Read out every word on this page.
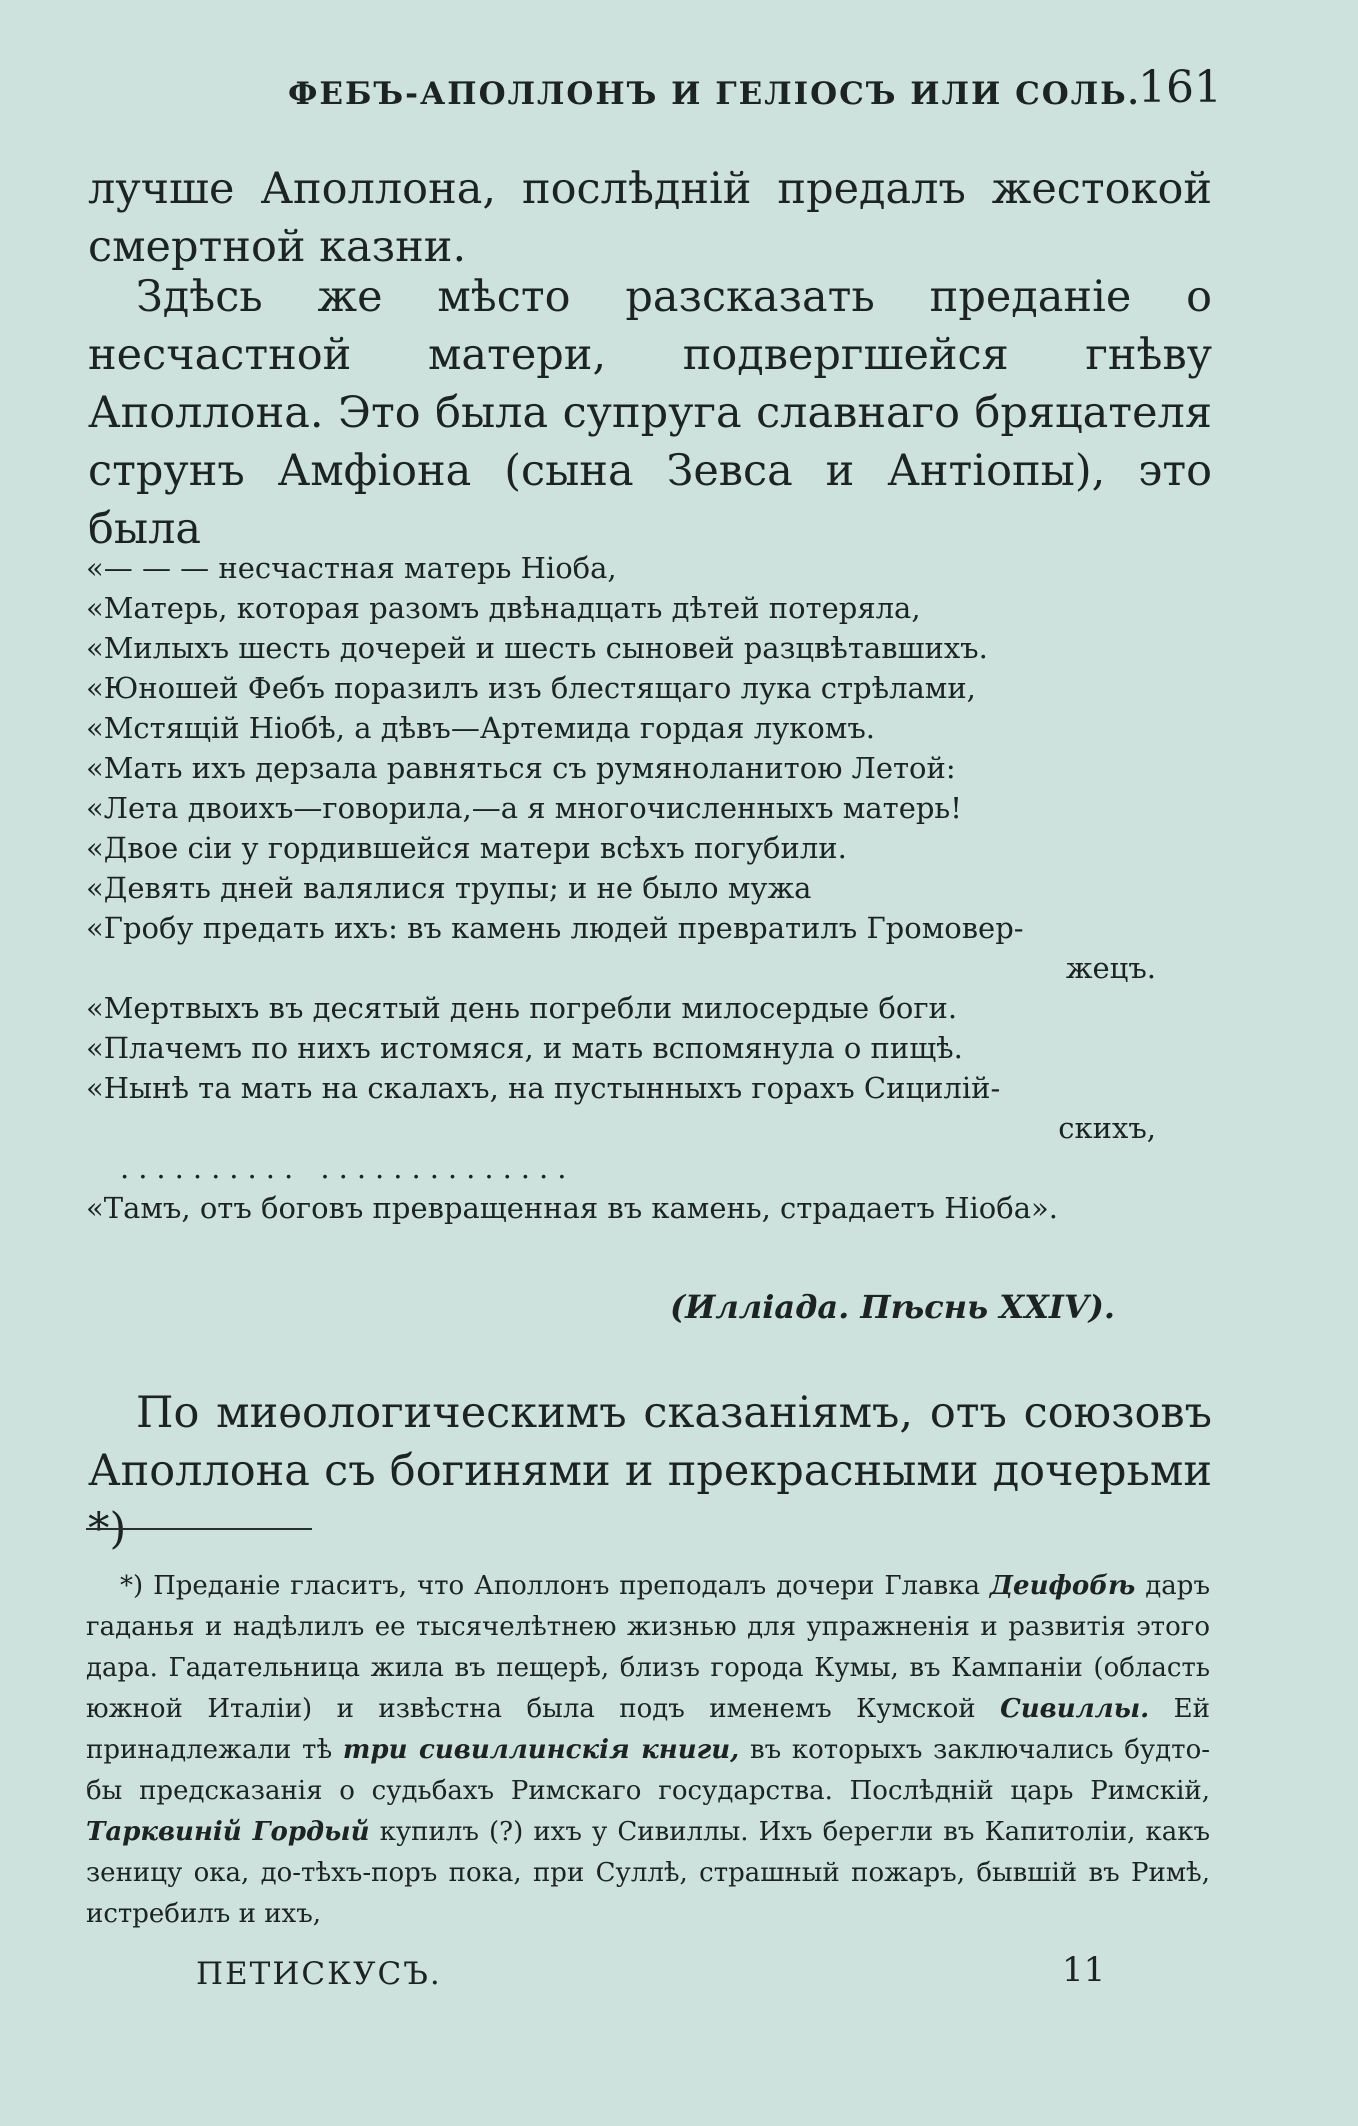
ФЕБЪ-АПОЛЛОНЪ И ГЕЛІОСЪ ИЛИ СОЛЬ.
161

лучше Аполлона, послѣдній предалъ жестокой смертной казни.

Здѣсь же мѣсто разсказать преданіе о несчастной матери, подвергшейся гнѣву Аполлона. Это была супруга славнаго бряцателя струнъ Амфіона (сына Зевса и Антіопы), это была

«— — — несчастная матерь Ніоба,
«Матерь, которая разомъ двѣнадцать дѣтей потеряла,
«Милыхъ шесть дочерей и шесть сыновей разцвѣтавшихъ.
«Юношей Фебъ поразилъ изъ блестящаго лука стрѣлами,
«Мстящій Ніобѣ, а дѣвъ—Артемида гордая лукомъ.
«Мать ихъ дерзала равняться съ румяноланитою Летой:
«Лета двоихъ—говорила,—а я многочисленныхъ матерь!
«Двое сіи у гордившейся матери всѣхъ погубили.
«Девять дней валялися трупы; и не было мужа
«Гробу предать ихъ: въ камень людей превратилъ Громовер-
жецъ.
«Мертвыхъ въ десятый день погребли милосердые боги.
«Плачемъ по нихъ истомяся, и мать вспомянула о пищѣ.
«Нынѣ та мать на скалахъ, на пустынныхъ горахъ Сицилій-
скихъ,
.......... ..............
«Тамъ, отъ боговъ превращенная въ камень, страдаетъ Ніоба».
(Илліада. Пѣснь XXIV).

По миѳологическимъ сказаніямъ, отъ союзовъ Аполлона съ богинями и прекрасными дочерьми *)

*) Преданіе гласитъ, что Аполлонъ преподалъ дочери Главка Деифобѣ даръ гаданья и надѣлилъ ее тысячелѣтнею жизнью для упражненія и развитія этого дара. Гадательница жила въ пещерѣ, близъ города Кумы, въ Кампаніи (область южной Италіи) и извѣстна была подъ именемъ Кумской Сивиллы. Ей принадлежали тѣ три сивиллинскія книги, въ которыхъ заключались будто-бы предсказанія о судьбахъ Римскаго государства. Послѣдній царь Римскій, Тарквиній Гордый купилъ (?) ихъ у Сивиллы. Ихъ берегли въ Капитоліи, какъ зеницу ока, до-тѣхъ-поръ пока, при Суллѣ, страшный пожаръ, бывшій въ Римѣ, истребилъ и ихъ,

ПЕТИСКУСЪ.	11
